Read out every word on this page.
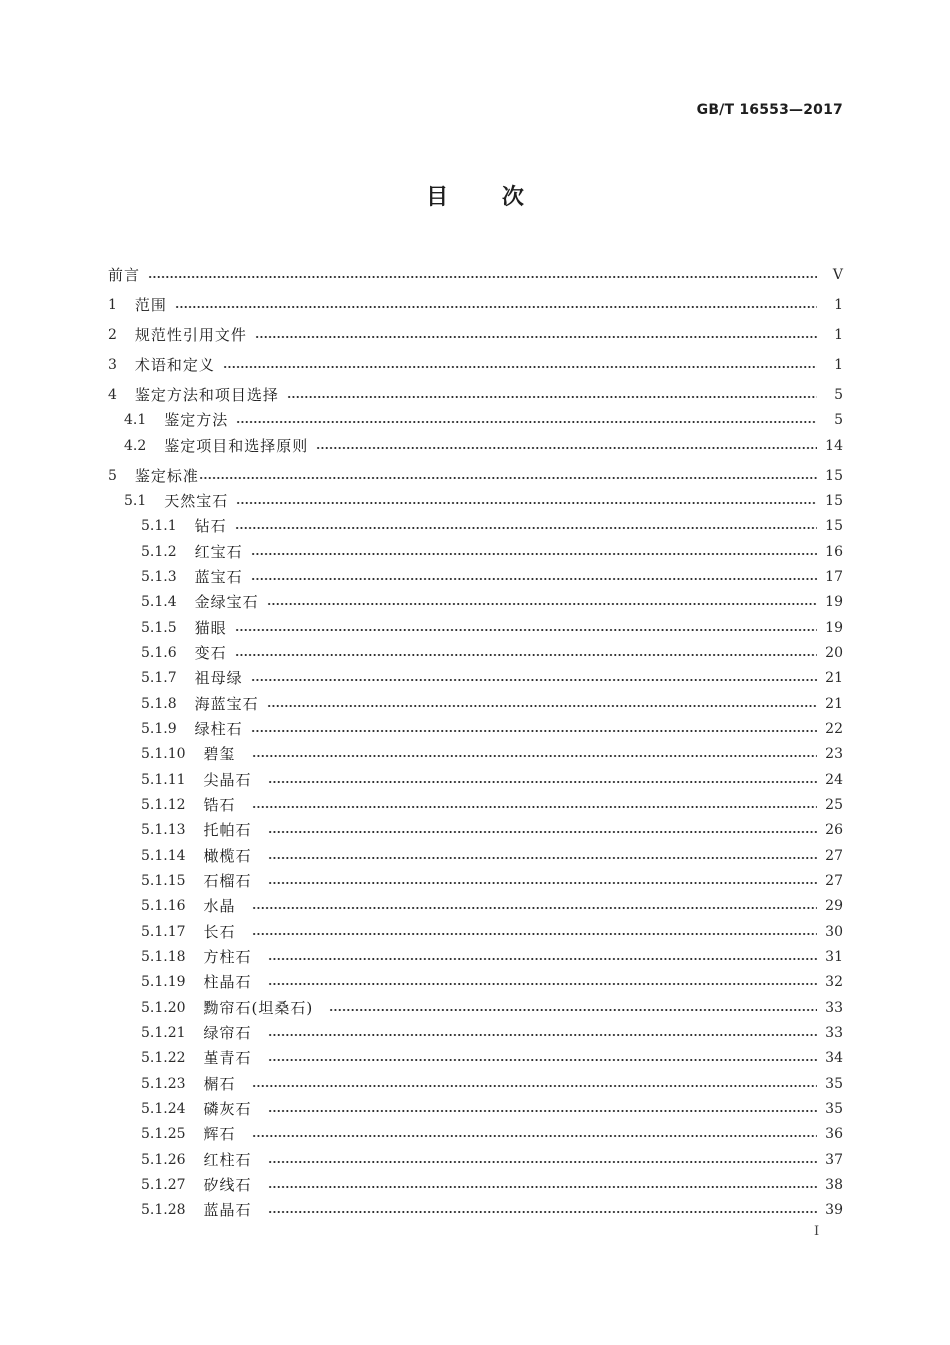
GB/T 16553—2017
目 次
前言	V
1 范围	1
2 规范性引用文件	1
3 术语和定义	1
4 鉴定方法和项目选择	5
4.1 鉴定方法	5
4.2 鉴定项目和选择原则	14
5 鉴定标准	15
5.1 天然宝石	15
5.1.1 钻石	15
5.1.2 红宝石	16
5.1.3 蓝宝石	17
5.1.4 金绿宝石	19
5.1.5 猫眼	19
5.1.6 变石	20
5.1.7 祖母绿	21
5.1.8 海蓝宝石	21
5.1.9 绿柱石	22
5.1.10 碧玺	23
5.1.11 尖晶石	24
5.1.12 锆石	25
5.1.13 托帕石	26
5.1.14 橄榄石	27
5.1.15 石榴石	27
5.1.16 水晶	29
5.1.17 长石	30
5.1.18 方柱石	31
5.1.19 柱晶石	32
5.1.20 黝帘石(坦桑石)	33
5.1.21 绿帘石	33
5.1.22 堇青石	34
5.1.23 榍石	35
5.1.24 磷灰石	35
5.1.25 辉石	36
5.1.26 红柱石	37
5.1.27 矽线石	38
5.1.28 蓝晶石	39
I
